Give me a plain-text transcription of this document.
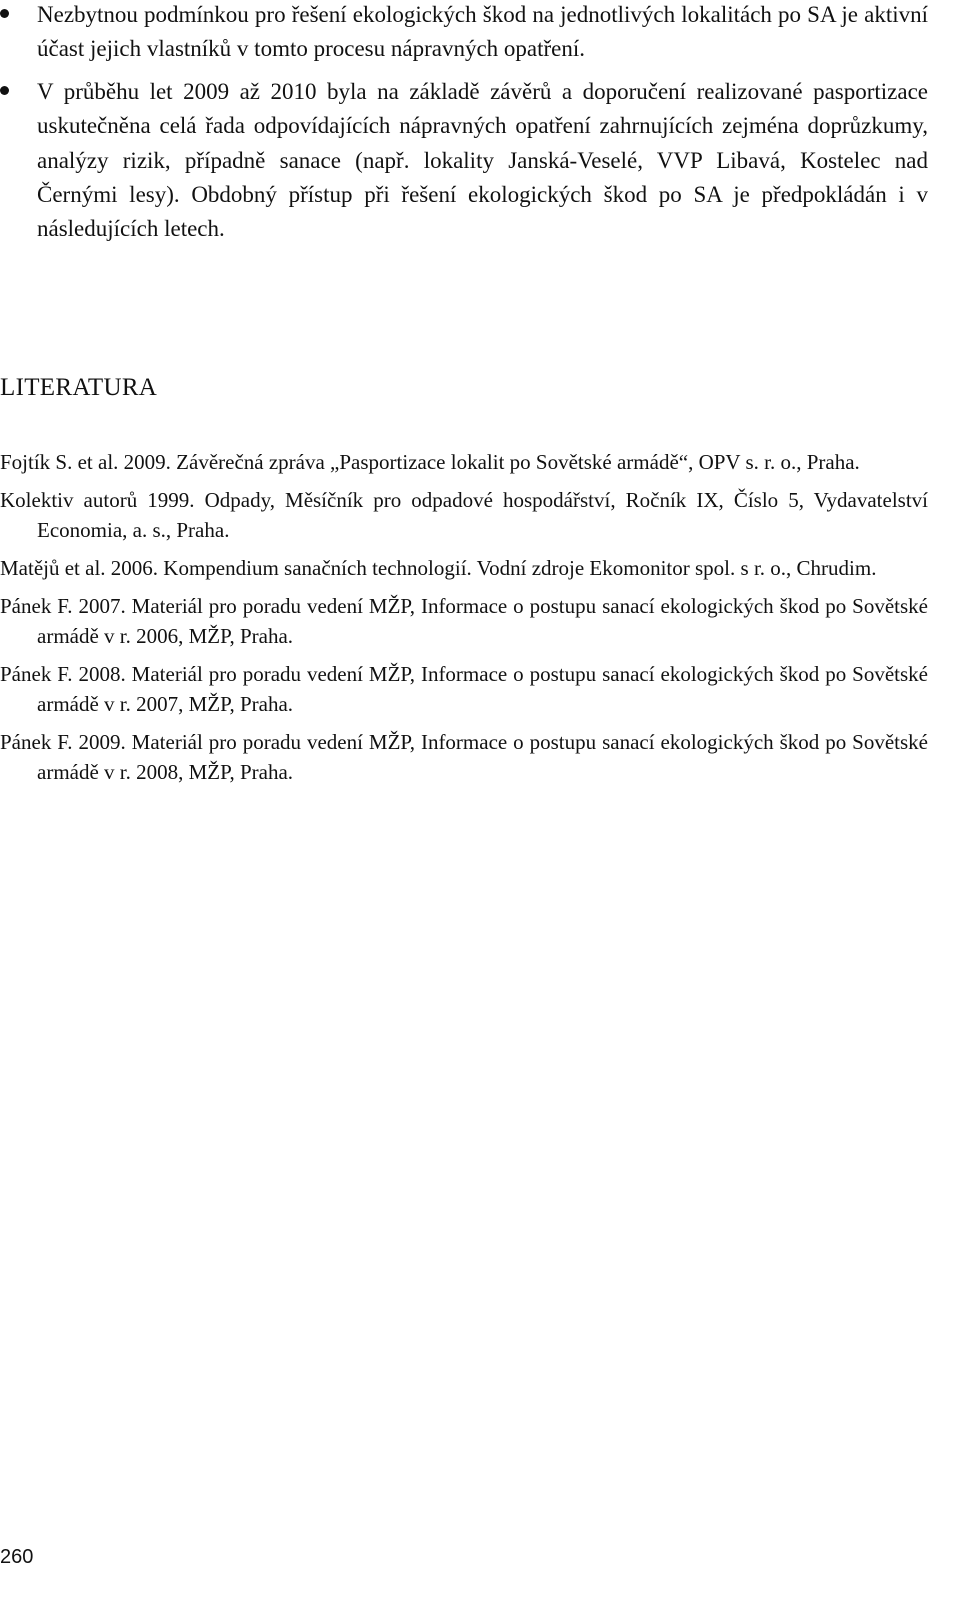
Nezbytnou podmínkou pro řešení ekologických škod na jednotlivých lokalitách po SA je aktivní účast jejich vlastníků v tomto procesu nápravných opatření.
V průběhu let 2009 až 2010 byla na základě závěrů a doporučení realizované pasportizace uskutečněna celá řada odpovídajících nápravných opatření zahrnujících zejména doprůzkumy, analýzy rizik, případně sanace (např. lokality Janská-Veselé, VVP Libavá, Kostelec nad Černými lesy). Obdobný přístup při řešení ekologických škod po SA je předpokládán i v následujících letech.
LITERATURA

Fojtík S. et al. 2009. Závěrečná zpráva „Pasportizace lokalit po Sovětské armádě“, OPV s. r. o., Praha.

Kolektiv autorů 1999. Odpady, Měsíčník pro odpadové hospodářství, Ročník IX, Číslo 5, Vydavatelství Economia, a. s., Praha.

Matějů et al. 2006. Kompendium sanačních technologií. Vodní zdroje Ekomonitor spol. s r. o., Chrudim.

Pánek F. 2007. Materiál pro poradu vedení MŽP, Informace o postupu sanací ekologických škod po Sovětské armádě v r. 2006, MŽP, Praha.

Pánek F. 2008. Materiál pro poradu vedení MŽP, Informace o postupu sanací ekologických škod po Sovětské armádě v r. 2007, MŽP, Praha.

Pánek F. 2009. Materiál pro poradu vedení MŽP, Informace o postupu sanací ekologických škod po Sovětské armádě v r. 2008, MŽP, Praha.

260
